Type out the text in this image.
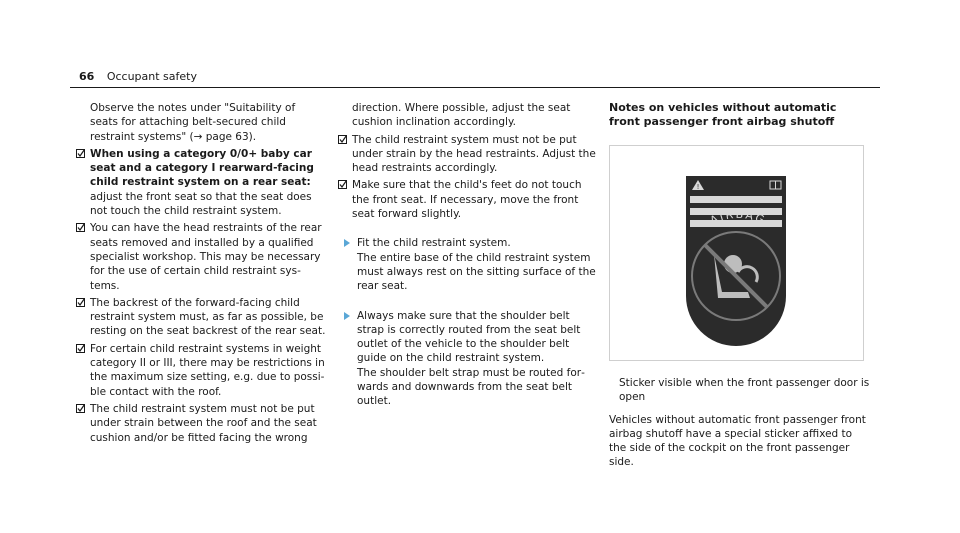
66 Occupant safety

Observe the notes under "Suitability of seats for attaching belt-secured child restraint systems" (→ page 63).

When using a category 0/0+ baby car seat and a category I rearward-facing child restraint system on a rear seat: adjust the front seat so that the seat does not touch the child restraint system.
You can have the head restraints of the rear seats removed and installed by a qualified specialist workshop. This may be necessary for the use of certain child restraint systems.
The backrest of the forward-facing child restraint system must, as far as possible, be resting on the seat backrest of the rear seat.
For certain child restraint systems in weight category II or III, there may be restrictions in the maximum size setting, e.g. due to possible contact with the roof.
The child restraint system must not be put under strain between the roof and the seat cushion and/or be fitted facing the wrong

direction. Where possible, adjust the seat cushion inclination accordingly.

The child restraint system must not be put under strain by the head restraints. Adjust the head restraints accordingly.
Make sure that the child's feet do not touch the front seat. If necessary, move the front seat forward slightly.

Fit the child restraint system.

The entire base of the child restraint system must always rest on the sitting surface of the rear seat.

Always make sure that the shoulder belt strap is correctly routed from the seat belt outlet of the vehicle to the shoulder belt guide on the child restraint system.

The shoulder belt strap must be routed forwards and downwards from the seat belt outlet.

Notes on vehicles without automatic front passenger front airbag shutoff

!
AIRBAG

Sticker visible when the front passenger door is open

Vehicles without automatic front passenger front airbag shutoff have a special sticker affixed to the side of the cockpit on the front passenger side.
